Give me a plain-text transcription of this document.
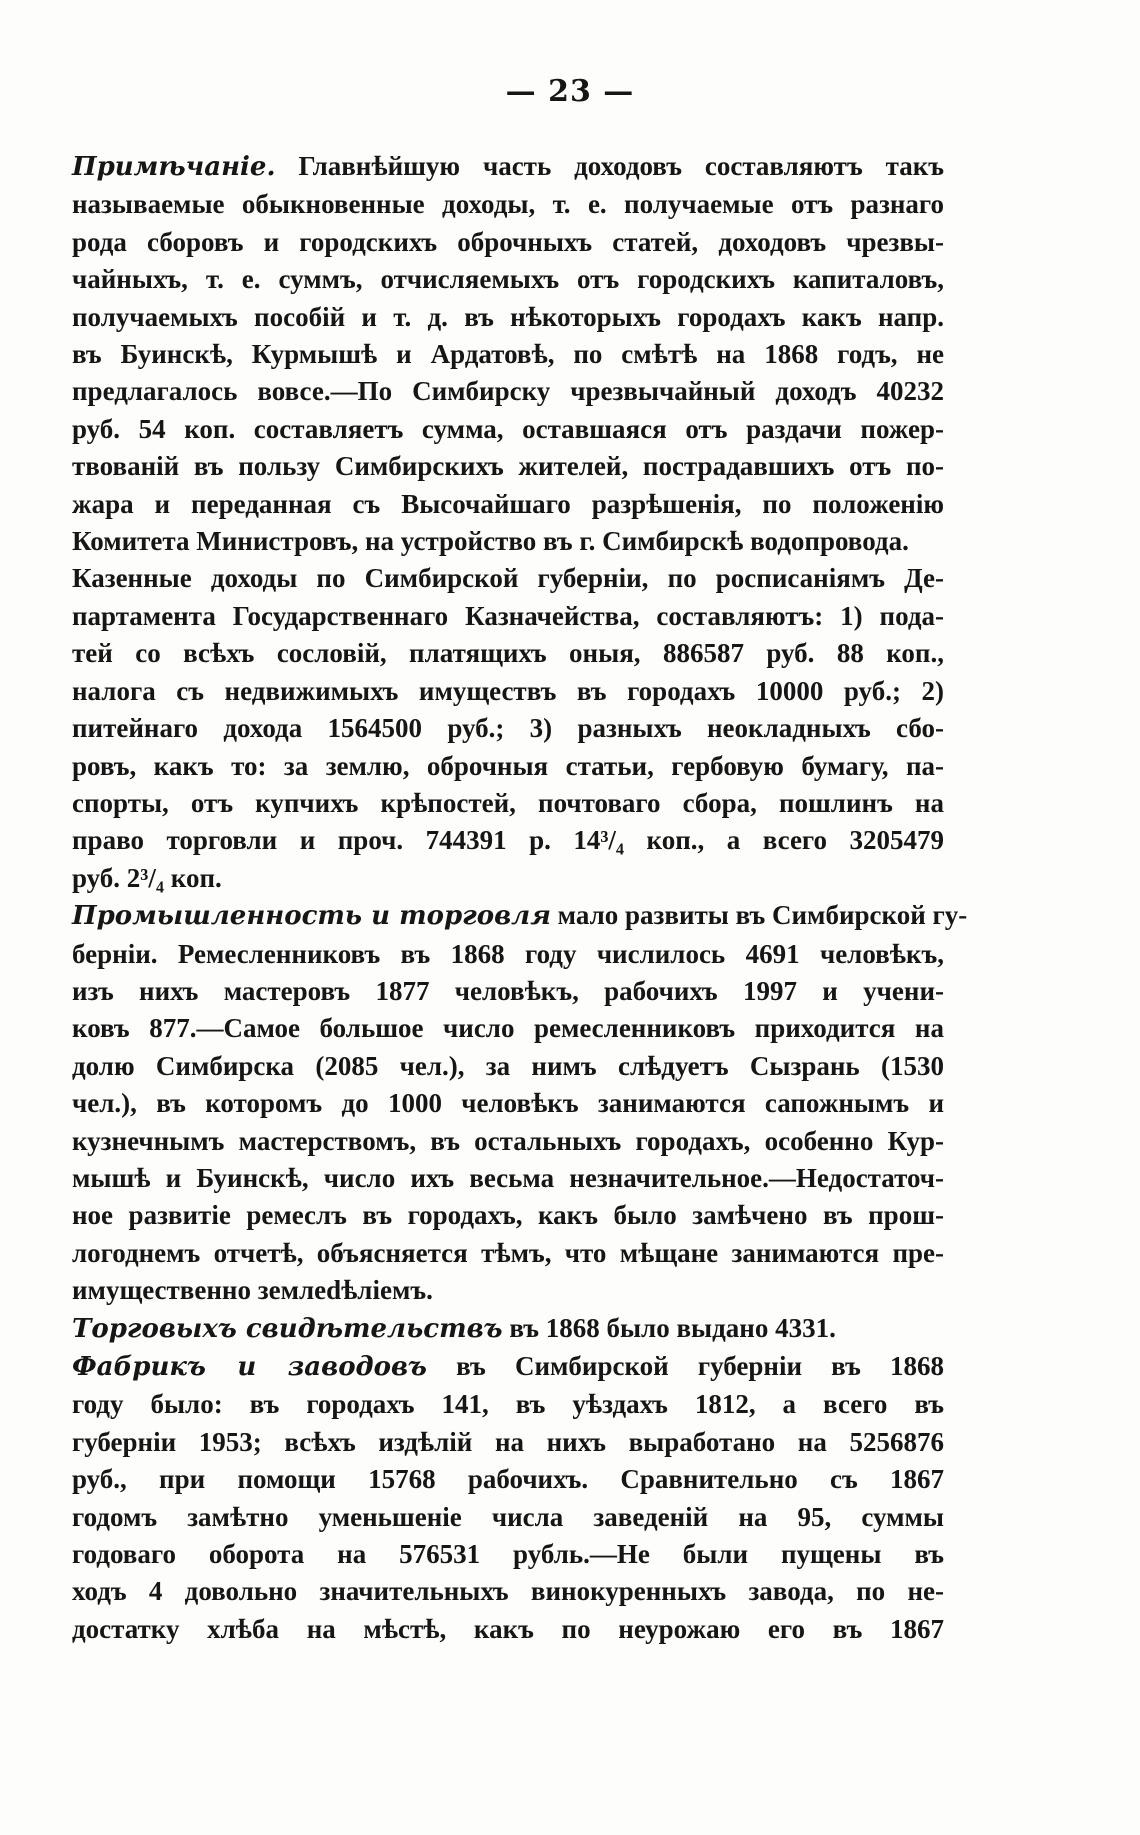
— 23 —
Примѣчаніе. Главнѣйшую часть доходовъ составляютъ такъ
называемые обыкновенные доходы, т. е. получаемые отъ разнаго
рода сборовъ и городскихъ оброчныхъ статей, доходовъ чрезвы-
чайныхъ, т. е. суммъ, отчисляемыхъ отъ городскихъ капиталовъ,
получаемыхъ пособій и т. д. въ нѣкоторыхъ городахъ какъ напр.
въ Буинскѣ, Курмышѣ и Ардатовѣ, по смѣтѣ на 1868 годъ, не
предлагалось вовсе.—По Симбирску чрезвычайный доходъ 40232
руб. 54 коп. составляетъ сумма, оставшаяся отъ раздачи пожер-
твованій въ пользу Симбирскихъ жителей, пострадавшихъ отъ по-
жара и переданная съ Высочайшаго разрѣшенія, по положенію
Комитета Министровъ, на устройство въ г. Симбирскѣ водопровода.
Казенные доходы по Симбирской губерніи, по росписаніямъ Де-
партамента Государственнаго Казначейства, составляютъ: 1) пода-
тей со всѣхъ сословій, платящихъ оныя, 886587 руб. 88 коп.,
налога съ недвижимыхъ имуществъ въ городахъ 10000 руб.; 2)
питейнаго дохода 1564500 руб.; 3) разныхъ неокладныхъ сбо-
ровъ, какъ то: за землю, оброчныя статьи, гербовую бумагу, па-
спорты, отъ купчихъ крѣпостей, почтоваго сбора, пошлинъ на
право торговли и проч. 744391 р. 14³/₄ коп., а всего 3205479
руб. 2³/₄ коп.
Промышленность и торговля мало развиты въ Симбирской гу-
берніи. Ремесленниковъ въ 1868 году числилось 4691 человѣкъ,
изъ нихъ мастеровъ 1877 человѣкъ, рабочихъ 1997 и учени-
ковъ 877.—Самое большое число ремесленниковъ приходится на
долю Симбирска (2085 чел.), за нимъ слѣдуетъ Сызрань (1530
чел.), въ которомъ до 1000 человѣкъ занимаются сапожнымъ и
кузнечнымъ мастерствомъ, въ остальныхъ городахъ, особенно Кур-
мышѣ и Буинскѣ, число ихъ весьма незначительное.—Недостаточ-
ное развитіе ремеслъ въ городахъ, какъ было замѣчено въ прош-
логоднемъ отчетѣ, объясняется тѣмъ, что мѣщане занимаются пре-
имущественно землedѣліемъ.
Торговыхъ свидѣтельствъ въ 1868 было выдано 4331.
Фабрикъ и заводовъ въ Симбирской губерніи въ 1868
году было: въ городахъ 141, въ уѣздахъ 1812, а всего въ
губерніи 1953; всѣхъ издѣлій на нихъ выработано на 5256876
руб., при помощи 15768 рабочихъ. Сравнительно съ 1867
годомъ замѣтно уменьшеніе числа заведеній на 95, суммы
годоваго оборота на 576531 рубль.—Не были пущены въ
ходъ 4 довольно значительныхъ винокуренныхъ завода, по не-
достатку хлѣба на мѣстѣ, какъ по неурожаю его въ 1867
